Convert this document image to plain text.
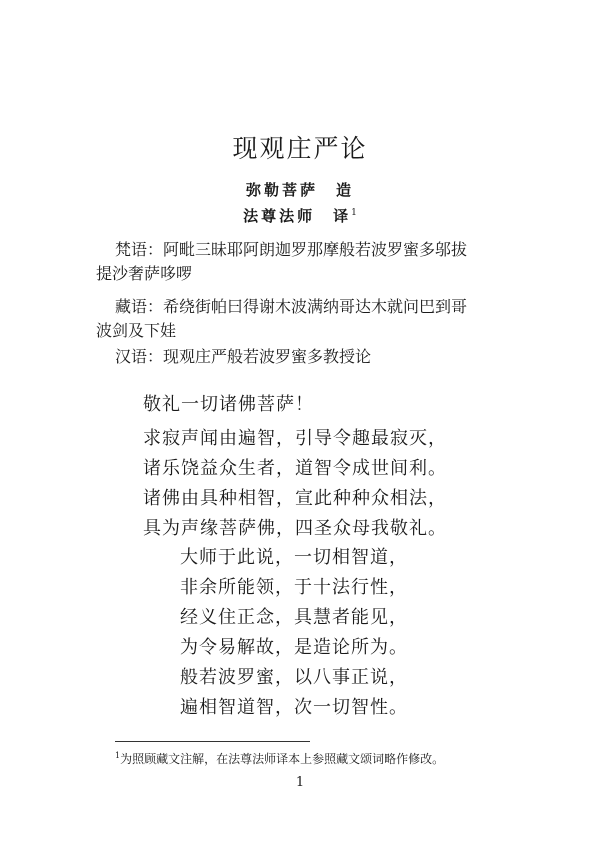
现观庄严论
弥勒菩萨　造
法尊法师　译$^1$
梵语：阿毗三昧耶阿朗迦罗那摩般若波罗蜜多邬拔
提沙奢萨哆啰
藏语：希绕街帕曰得谢木波满纳哥达木就问巴到哥
波剑及下娃
汉语：现观庄严般若波罗蜜多教授论
敬礼一切诸佛菩萨！
求寂声闻由遍智，引导令趣最寂灭，
诸乐饶益众生者，道智令成世间利。
诸佛由具种相智，宣此种种众相法，
具为声缘菩萨佛，四圣众母我敬礼。
大师于此说，一切相智道，
非余所能领，于十法行性，
经义住正念，具慧者能见，
为令易解故，是造论所为。
般若波罗蜜，以八事正说，
遍相智道智，次一切智性。
$^1$为照顾藏文注解，在法尊法师译本上参照藏文颂词略作修改。
1
